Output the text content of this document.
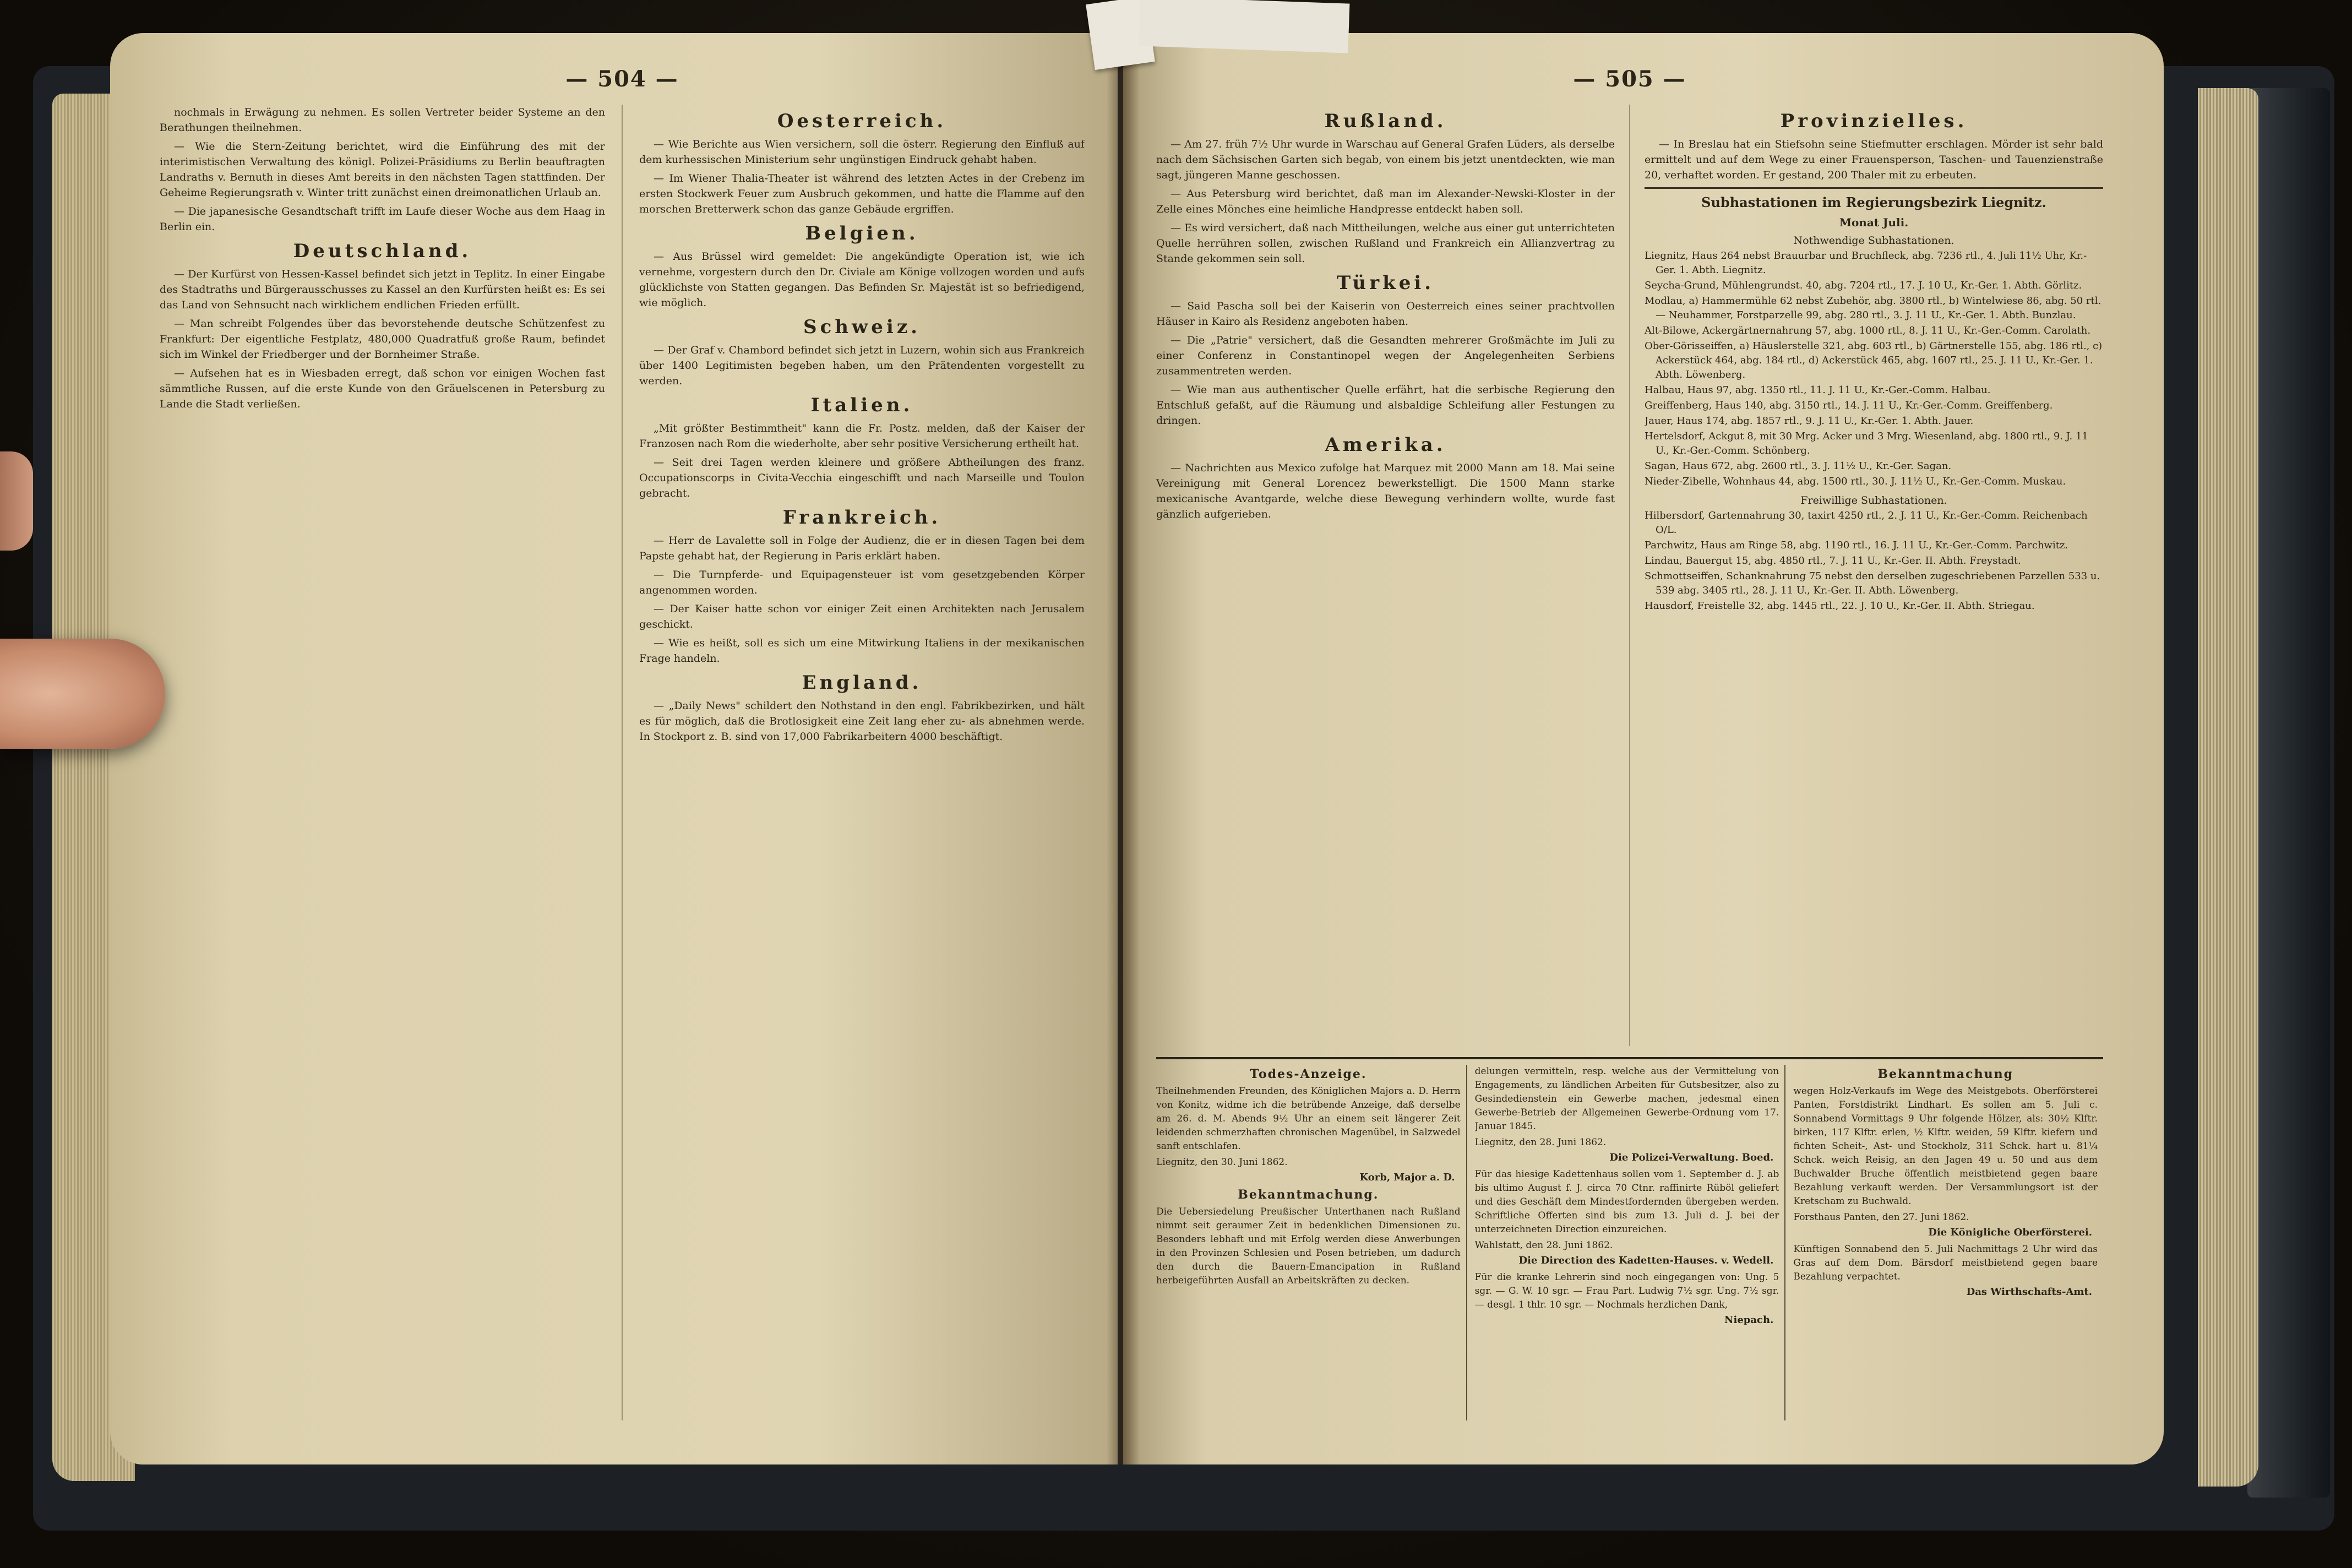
— 504 —

nochmals in Erwägung zu nehmen. Es sollen Vertreter beider Systeme an den Berathungen theilnehmen.

— Wie die Stern-Zeitung berichtet, wird die Einführung des mit der interimistischen Verwaltung des königl. Polizei-Präsidiums zu Berlin beauftragten Landraths v. Bernuth in dieses Amt bereits in den nächsten Tagen stattfinden. Der Geheime Regierungsrath v. Winter tritt zunächst einen dreimonatlichen Urlaub an.

— Die japanesische Gesandtschaft trifft im Laufe dieser Woche aus dem Haag in Berlin ein.

Deutschland.

— Der Kurfürst von Hessen-Kassel befindet sich jetzt in Teplitz. In einer Eingabe des Stadtraths und Bürgerausschusses zu Kassel an den Kurfürsten heißt es: Es sei das Land von Sehnsucht nach wirklichem endlichen Frieden erfüllt.

— Man schreibt Folgendes über das bevorstehende deutsche Schützenfest zu Frankfurt: Der eigentliche Festplatz, 480,000 Quadratfuß große Raum, befindet sich im Winkel der Friedberger und der Bornheimer Straße.

— Aufsehen hat es in Wiesbaden erregt, daß schon vor einigen Wochen fast sämmtliche Russen, auf die erste Kunde von den Gräuelscenen in Petersburg zu Lande die Stadt verließen.

Oesterreich.

— Wie Berichte aus Wien versichern, soll die österr. Regierung den Einfluß auf dem kurhessischen Ministerium sehr ungünstigen Eindruck gehabt haben.

— Im Wiener Thalia-Theater ist während des letzten Actes in der Crebenz im ersten Stockwerk Feuer zum Ausbruch gekommen, und hatte die Flamme auf den morschen Bretterwerk schon das ganze Gebäude ergriffen.

Belgien.

— Aus Brüssel wird gemeldet: Die angekündigte Operation ist, wie ich vernehme, vorgestern durch den Dr. Civiale am Könige vollzogen worden und aufs glücklichste von Statten gegangen. Das Befinden Sr. Majestät ist so befriedigend, wie möglich.

Schweiz.

— Der Graf v. Chambord befindet sich jetzt in Luzern, wohin sich aus Frankreich über 1400 Legitimisten begeben haben, um den Prätendenten vorgestellt zu werden.

Italien.

„Mit größter Bestimmtheit" kann die Fr. Postz. melden, daß der Kaiser der Franzosen nach Rom die wiederholte, aber sehr positive Versicherung ertheilt hat.

— Seit drei Tagen werden kleinere und größere Abtheilungen des franz. Occupationscorps in Civita-Vecchia eingeschifft und nach Marseille und Toulon gebracht.

Frankreich.

— Herr de Lavalette soll in Folge der Audienz, die er in diesen Tagen bei dem Papste gehabt hat, der Regierung in Paris erklärt haben.

— Die Turnpferde- und Equipagensteuer ist vom gesetzgebenden Körper angenommen worden.

— Der Kaiser hatte schon vor einiger Zeit einen Architekten nach Jerusalem geschickt.

— Wie es heißt, soll es sich um eine Mitwirkung Italiens in der mexikanischen Frage handeln.

England.

— „Daily News" schildert den Nothstand in den engl. Fabrikbezirken, und hält es für möglich, daß die Brotlosigkeit eine Zeit lang eher zu- als abnehmen werde. In Stockport z. B. sind von 17,000 Fabrikarbeitern 4000 beschäftigt.

— 505 —
Rußland.

— Am 27. früh 7½ Uhr wurde in Warschau auf General Grafen Lüders, als derselbe nach dem Sächsischen Garten sich begab, von einem bis jetzt unentdeckten, wie man sagt, jüngeren Manne geschossen.

— Aus Petersburg wird berichtet, daß man im Alexander-Newski-Kloster in der Zelle eines Mönches eine heimliche Handpresse entdeckt haben soll.

— Es wird versichert, daß nach Mittheilungen, welche aus einer gut unterrichteten Quelle herrühren sollen, zwischen Rußland und Frankreich ein Allianzvertrag zu Stande gekommen sein soll.

Türkei.

— Said Pascha soll bei der Kaiserin von Oesterreich eines seiner prachtvollen Häuser in Kairo als Residenz angeboten haben.

— Die „Patrie" versichert, daß die Gesandten mehrerer Großmächte im Juli zu einer Conferenz in Constantinopel wegen der Angelegenheiten Serbiens zusammentreten werden.

— Wie man aus authentischer Quelle erfährt, hat die serbische Regierung den Entschluß gefaßt, auf die Räumung und alsbaldige Schleifung aller Festungen zu dringen.

Amerika.

— Nachrichten aus Mexico zufolge hat Marquez mit 2000 Mann am 18. Mai seine Vereinigung mit General Lorencez bewerkstelligt. Die 1500 Mann starke mexicanische Avantgarde, welche diese Bewegung verhindern wollte, wurde fast gänzlich aufgerieben.

Provinzielles.

— In Breslau hat ein Stiefsohn seine Stiefmutter erschlagen. Mörder ist sehr bald ermittelt und auf dem Wege zu einer Frauensperson, Taschen- und Tauenzienstraße 20, verhaftet worden. Er gestand, 200 Thaler mit zu erbeuten.

Subhastationen im Regierungsbezirk Liegnitz.
Monat Juli.
Nothwendige Subhastationen.

Liegnitz, Haus 264 nebst Brauurbar und Bruchfleck, abg. 7236 rtl., 4. Juli 11½ Uhr, Kr.-Ger. 1. Abth. Liegnitz.

Seycha-Grund, Mühlengrundst. 40, abg. 7204 rtl., 17. J. 10 U., Kr.-Ger. 1. Abth. Görlitz.

Modlau, a) Hammermühle 62 nebst Zubehör, abg. 3800 rtl., b) Wintelwiese 86, abg. 50 rtl. — Neuhammer, Forstparzelle 99, abg. 280 rtl., 3. J. 11 U., Kr.-Ger. 1. Abth. Bunzlau.

Alt-Bilowe, Ackergärtnernahrung 57, abg. 1000 rtl., 8. J. 11 U., Kr.-Ger.-Comm. Carolath.

Ober-Görisseiffen, a) Häuslerstelle 321, abg. 603 rtl., b) Gärtnerstelle 155, abg. 186 rtl., c) Ackerstück 464, abg. 184 rtl., d) Ackerstück 465, abg. 1607 rtl., 25. J. 11 U., Kr.-Ger. 1. Abth. Löwenberg.

Halbau, Haus 97, abg. 1350 rtl., 11. J. 11 U., Kr.-Ger.-Comm. Halbau.

Greiffenberg, Haus 140, abg. 3150 rtl., 14. J. 11 U., Kr.-Ger.-Comm. Greiffenberg.

Jauer, Haus 174, abg. 1857 rtl., 9. J. 11 U., Kr.-Ger. 1. Abth. Jauer.

Hertelsdorf, Ackgut 8, mit 30 Mrg. Acker und 3 Mrg. Wiesenland, abg. 1800 rtl., 9. J. 11 U., Kr.-Ger.-Comm. Schönberg.

Sagan, Haus 672, abg. 2600 rtl., 3. J. 11½ U., Kr.-Ger. Sagan.

Nieder-Zibelle, Wohnhaus 44, abg. 1500 rtl., 30. J. 11½ U., Kr.-Ger.-Comm. Muskau.

Freiwillige Subhastationen.

Hilbersdorf, Gartennahrung 30, taxirt 4250 rtl., 2. J. 11 U., Kr.-Ger.-Comm. Reichenbach O/L.

Parchwitz, Haus am Ringe 58, abg. 1190 rtl., 16. J. 11 U., Kr.-Ger.-Comm. Parchwitz.

Lindau, Bauergut 15, abg. 4850 rtl., 7. J. 11 U., Kr.-Ger. II. Abth. Freystadt.

Schmottseiffen, Schanknahrung 75 nebst den derselben zugeschriebenen Parzellen 533 u. 539 abg. 3405 rtl., 28. J. 11 U., Kr.-Ger. II. Abth. Löwenberg.

Hausdorf, Freistelle 32, abg. 1445 rtl., 22. J. 10 U., Kr.-Ger. II. Abth. Striegau.

Todes-Anzeige.

Theilnehmenden Freunden, des Königlichen Majors a. D. Herrn von Konitz, widme ich die betrübende Anzeige, daß derselbe am 26. d. M. Abends 9½ Uhr an einem seit längerer Zeit leidenden schmerzhaften chronischen Magenübel, in Salzwedel sanft entschlafen.

Liegnitz, den 30. Juni 1862.

Korb, Major a. D.
Bekanntmachung.

Die Uebersiedelung Preußischer Unterthanen nach Rußland nimmt seit geraumer Zeit in bedenklichen Dimensionen zu. Besonders lebhaft und mit Erfolg werden diese Anwerbungen in den Provinzen Schlesien und Posen betrieben, um dadurch den durch die Bauern-Emancipation in Rußland herbeigeführten Ausfall an Arbeitskräften zu decken.

delungen vermitteln, resp. welche aus der Vermittelung von Engagements, zu ländlichen Arbeiten für Gutsbesitzer, also zu Gesindedienstein ein Gewerbe machen, jedesmal einen Gewerbe-Betrieb der Allgemeinen Gewerbe-Ordnung vom 17. Januar 1845.

Liegnitz, den 28. Juni 1862.

Die Polizei-Verwaltung. Boed.

Für das hiesige Kadettenhaus sollen vom 1. September d. J. ab bis ultimo August f. J. circa 70 Ctnr. raffinirte Rüböl geliefert und dies Geschäft dem Mindestfordernden übergeben werden. Schriftliche Offerten sind bis zum 13. Juli d. J. bei der unterzeichneten Direction einzureichen.

Wahlstatt, den 28. Juni 1862.

Die Direction des Kadetten-Hauses. v. Wedell.

Für die kranke Lehrerin sind noch eingegangen von: Ung. 5 sgr. — G. W. 10 sgr. — Frau Part. Ludwig 7½ sgr. Ung. 7½ sgr. — desgl. 1 thlr. 10 sgr. — Nochmals herzlichen Dank,

Niepach.
Bekanntmachung

wegen Holz-Verkaufs im Wege des Meistgebots. Oberförsterei Panten, Forstdistrikt Lindhart. Es sollen am 5. Juli c. Sonnabend Vormittags 9 Uhr folgende Hölzer, als: 30½ Klftr. birken, 117 Klftr. erlen, ½ Klftr. weiden, 59 Klftr. kiefern und fichten Scheit-, Ast- und Stockholz, 311 Schck. hart u. 81¼ Schck. weich Reisig, an den Jagen 49 u. 50 und aus dem Buchwalder Bruche öffentlich meistbietend gegen baare Bezahlung verkauft werden. Der Versammlungsort ist der Kretscham zu Buchwald.

Forsthaus Panten, den 27. Juni 1862.

Die Königliche Oberförsterei.

Künftigen Sonnabend den 5. Juli Nachmittags 2 Uhr wird das Gras auf dem Dom. Bärsdorf meistbietend gegen baare Bezahlung verpachtet.

Das Wirthschafts-Amt.
